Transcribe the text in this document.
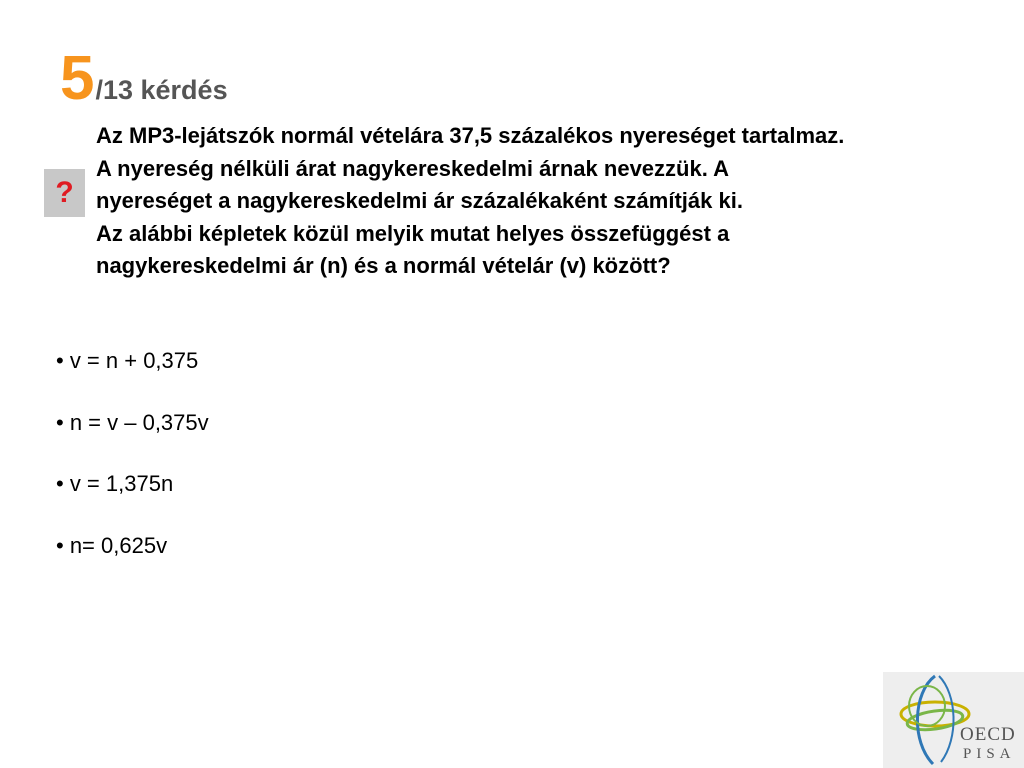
5/13 kérdés
?
Az MP3-lejátszók normál vételára 37,5 százalékos nyereséget tartalmaz.
A nyereség nélküli árat nagykereskedelmi árnak nevezzük. A
nyereséget a nagykereskedelmi ár százalékaként számítják ki.
Az alábbi képletek közül melyik mutat helyes összefüggést a
nagykereskedelmi ár (n) és a normál vételár (v) között?
• v = n + 0,375
• n = v – 0,375v
• v = 1,375n
• n= 0,625v
OECD
PISA
